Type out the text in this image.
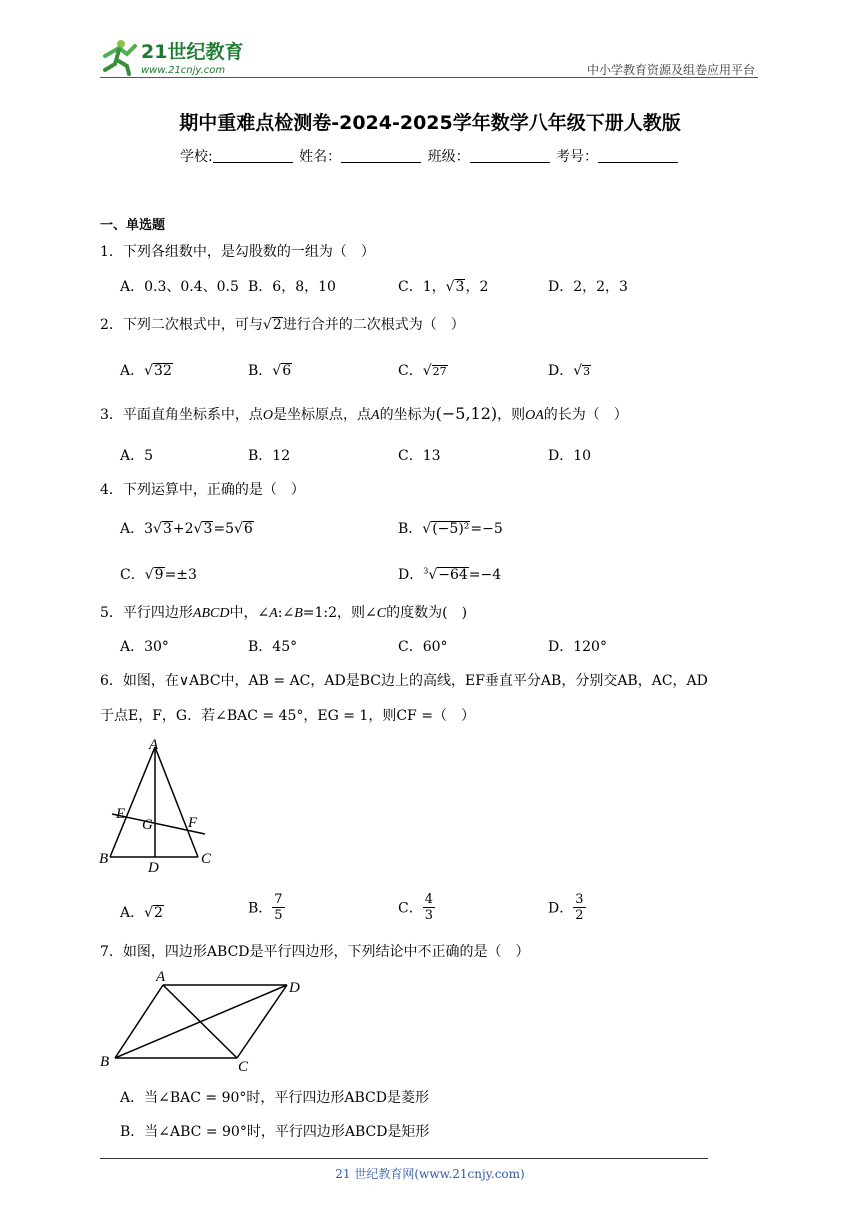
21世纪教育
www.21cnjy.com	中小学教育资源及组卷应用平台
期中重难点检测卷-2024-2025学年数学八年级下册人教版
学校:	姓名：	班级：	考号：
一、单选题
1．下列各组数中，是勾股数的一组为（　）
A．0.3、0.4、0.5 B．6，8，10	C．1，√3，2	D．2，2，3
2．下列二次根式中，可与√2进行合并的二次根式为（　）
A．√32	B．√6	C．√27	D．√3
3．平面直角坐标系中，点O是坐标原点，点A的坐标为(−5,12)，则OA的长为（　）
A．5	B．12	C．13	D．10
4．下列运算中，正确的是（　）
A．3√3+2√3=5√6	B．√(−5)²=−5
C．√9=±3	D．$^3$√−64=−4
5．平行四边形ABCD中，∠A:∠B=1:2，则∠C的度数为(　)
A．30°	B．45°	C．60°	D．120°
6．如图，在∨ABC中，AB = AC，AD是BC边上的高线，EF垂直平分AB，分别交AB，AC，AD
于点E，F，G．若∠BAC = 45°，EG = 1，则CF =（　）
A
B	C
D
E
F
G
A．√2	B． $\frac{7}{5}$	C． $\frac{4}{3}$	D． $\frac{3}{2}$
7．如图，四边形ABCD是平行四边形，下列结论中不正确的是（　）
A
B	C
D
A．当∠BAC = 90°时，平行四边形ABCD是菱形
B．当∠ABC = 90°时，平行四边形ABCD是矩形
21 世纪教育网(www.21cnjy.com)
